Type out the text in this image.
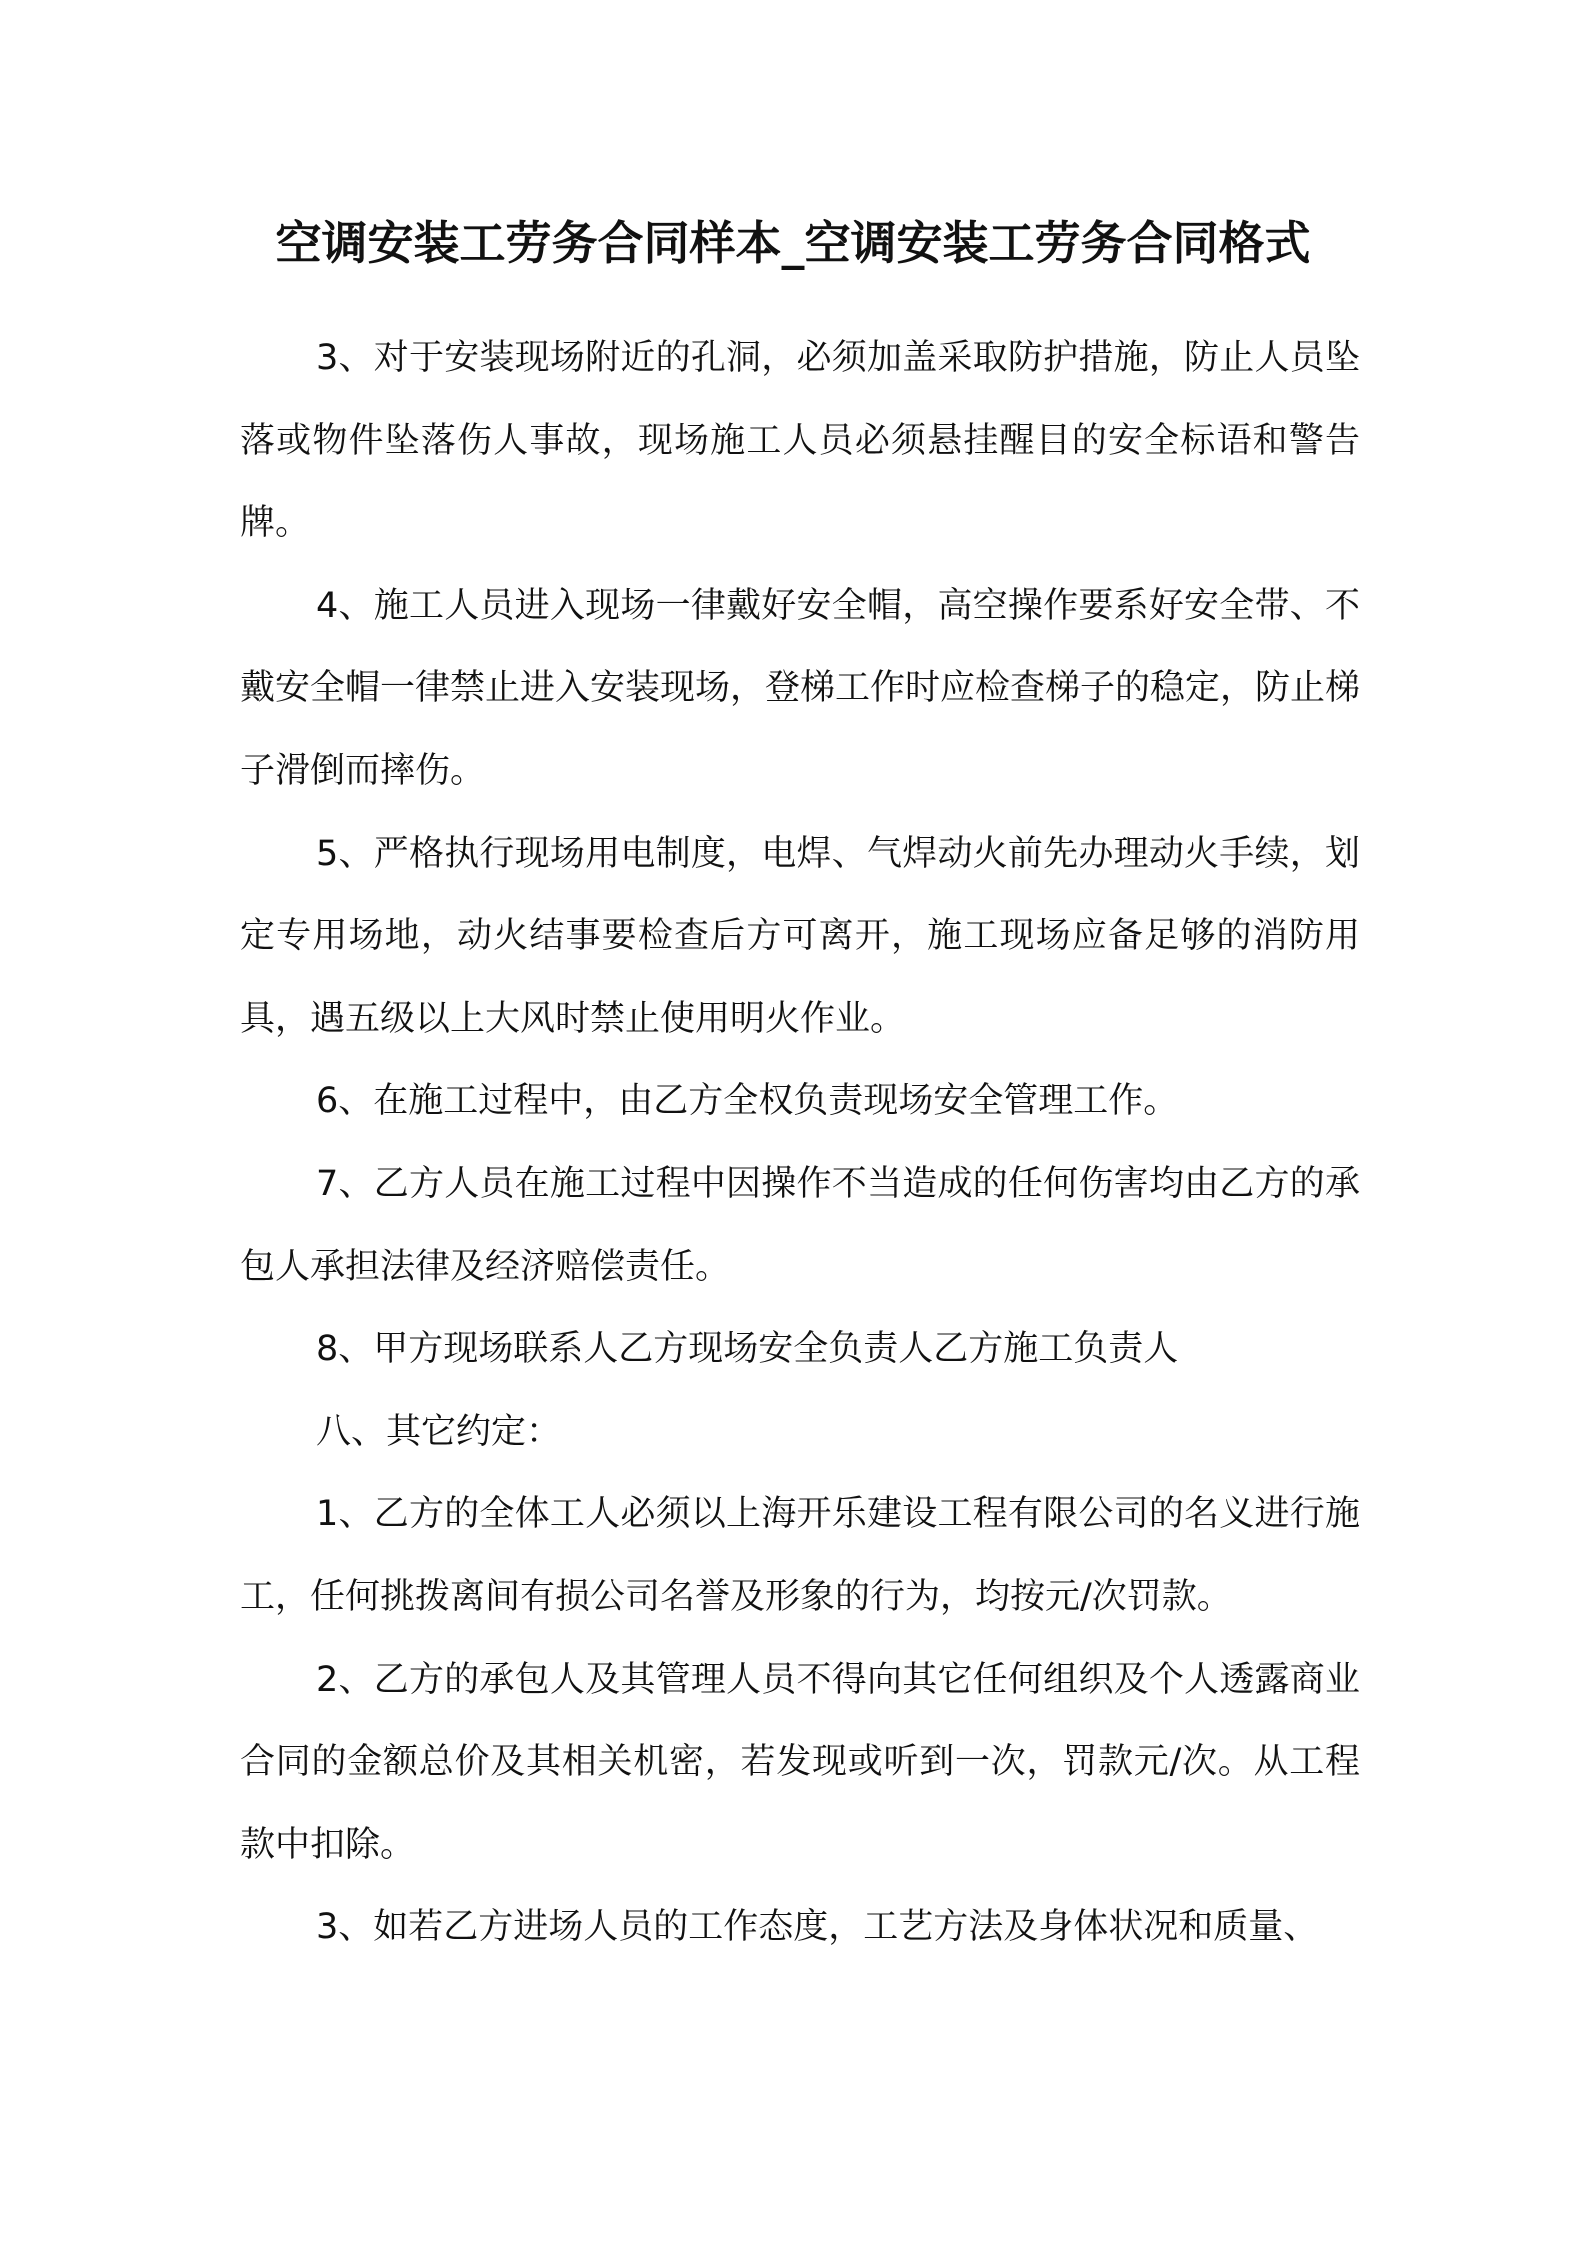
空调安装工劳务合同样本_空调安装工劳务合同格式

3、对于安装现场附近的孔洞，必须加盖采取防护措施，防止人员坠落或物件坠落伤人事故，现场施工人员必须悬挂醒目的安全标语和警告牌。

4、施工人员进入现场一律戴好安全帽，高空操作要系好安全带、不戴安全帽一律禁止进入安装现场，登梯工作时应检查梯子的稳定，防止梯子滑倒而摔伤。

5、严格执行现场用电制度，电焊、气焊动火前先办理动火手续，划定专用场地，动火结事要检查后方可离开，施工现场应备足够的消防用具，遇五级以上大风时禁止使用明火作业。

6、在施工过程中，由乙方全权负责现场安全管理工作。

7、乙方人员在施工过程中因操作不当造成的任何伤害均由乙方的承包人承担法律及经济赔偿责任。

8、甲方现场联系人乙方现场安全负责人乙方施工负责人

八、其它约定：

1、乙方的全体工人必须以上海开乐建设工程有限公司的名义进行施工，任何挑拨离间有损公司名誉及形象的行为，均按元/次罚款。

2、乙方的承包人及其管理人员不得向其它任何组织及个人透露商业合同的金额总价及其相关机密，若发现或听到一次，罚款元/次。从工程款中扣除。

3、如若乙方进场人员的工作态度，工艺方法及身体状况和质量、
